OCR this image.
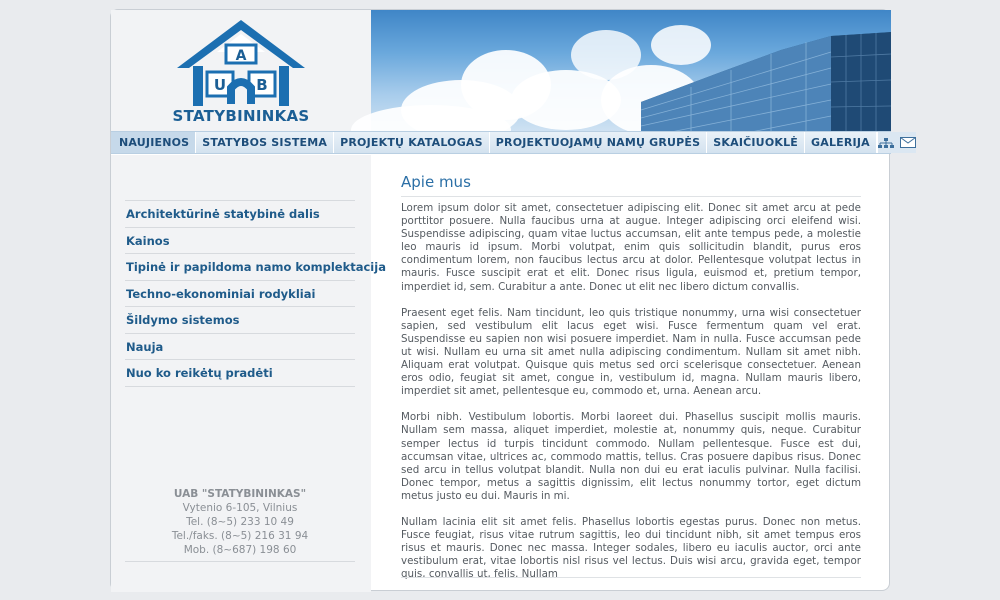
A
U B
STATYBININKAS
NAUJIENOS	STATYBOS SISTEMA	PROJEKTŲ KATALOGAS	PROJEKTUOJAMŲ NAMŲ GRUPĖS	SKAIČIUOKLĖ	GALERIJA
Architektūrinė statybinė dalis
Kainos
Tipinė ir papildoma namo komplektacija
Techno-ekonominiai rodykliai
Šildymo sistemos
Nauja
Nuo ko reikėtų pradėti
UAB "STATYBININKAS"
Vytenio 6-105, Vilnius
Tel. (8~5) 233 10 49
Tel./faks. (8~5) 216 31 94
Mob. (8~687) 198 60
Apie mus

Lorem ipsum dolor sit amet, consectetuer adipiscing elit. Donec sit amet arcu at pede porttitor posuere. Nulla faucibus urna at augue. Integer adipiscing orci eleifend wisi. Suspendisse adipiscing, quam vitae luctus accumsan, elit ante tempus pede, a molestie leo mauris id ipsum. Morbi volutpat, enim quis sollicitudin blandit, purus eros condimentum lorem, non faucibus lectus arcu at dolor. Pellentesque volutpat lectus in mauris. Fusce suscipit erat et elit. Donec risus ligula, euismod et, pretium tempor, imperdiet id, sem. Curabitur a ante. Donec ut elit nec libero dictum convallis.

Praesent eget felis. Nam tincidunt, leo quis tristique nonummy, urna wisi consectetuer sapien, sed vestibulum elit lacus eget wisi. Fusce fermentum quam vel erat. Suspendisse eu sapien non wisi posuere imperdiet. Nam in nulla. Fusce accumsan pede ut wisi. Nullam eu urna sit amet nulla adipiscing condimentum. Nullam sit amet nibh. Aliquam erat volutpat. Quisque quis metus sed orci scelerisque consectetuer. Aenean eros odio, feugiat sit amet, congue in, vestibulum id, magna. Nullam mauris libero, imperdiet sit amet, pellentesque eu, commodo et, urna. Aenean arcu.

Morbi nibh. Vestibulum lobortis. Morbi laoreet dui. Phasellus suscipit mollis mauris. Nullam sem massa, aliquet imperdiet, molestie at, nonummy quis, neque. Curabitur semper lectus id turpis tincidunt commodo. Nullam pellentesque. Fusce est dui, accumsan vitae, ultrices ac, commodo mattis, tellus. Cras posuere dapibus risus. Donec sed arcu in tellus volutpat blandit. Nulla non dui eu erat iaculis pulvinar. Nulla facilisi. Donec tempor, metus a sagittis dignissim, elit lectus nonummy tortor, eget dictum metus justo eu dui. Mauris in mi.

Nullam lacinia elit sit amet felis. Phasellus lobortis egestas purus. Donec non metus. Fusce feugiat, risus vitae rutrum sagittis, leo dui tincidunt nibh, sit amet tempus eros risus et mauris. Donec nec massa. Integer sodales, libero eu iaculis auctor, orci ante vestibulum erat, vitae lobortis nisl risus vel lectus. Duis wisi arcu, gravida eget, tempor quis, convallis ut, felis. Nullam
